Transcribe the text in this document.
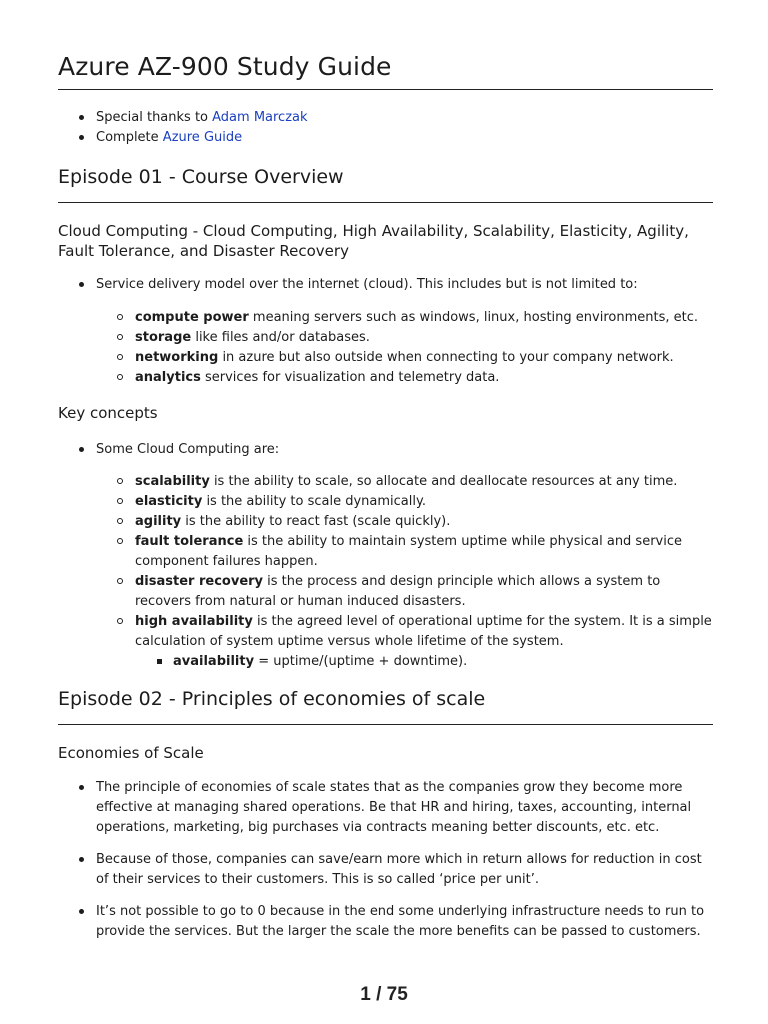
Azure AZ-900 Study Guide
Special thanks to Adam Marczak
Complete Azure Guide
Episode 01 - Course Overview
Cloud Computing - Cloud Computing, High Availability, Scalability, Elasticity, Agility, Fault Tolerance, and Disaster Recovery
Service delivery model over the internet (cloud). This includes but is not limited to:
compute power meaning servers such as windows, linux, hosting environments, etc.
storage like files and/or databases.
networking in azure but also outside when connecting to your company network.
analytics services for visualization and telemetry data.
Key concepts
Some Cloud Computing are:
scalability is the ability to scale, so allocate and deallocate resources at any time.
elasticity is the ability to scale dynamically.
agility is the ability to react fast (scale quickly).
fault tolerance is the ability to maintain system uptime while physical and service component failures happen.
disaster recovery is the process and design principle which allows a system to recovers from natural or human induced disasters.
high availability is the agreed level of operational uptime for the system. It is a simple calculation of system uptime versus whole lifetime of the system.
availability = uptime/(uptime + downtime).
Episode 02 - Principles of economies of scale
Economies of Scale
The principle of economies of scale states that as the companies grow they become more effective at managing shared operations. Be that HR and hiring, taxes, accounting, internal operations, marketing, big purchases via contracts meaning better discounts, etc. etc.
Because of those, companies can save/earn more which in return allows for reduction in cost of their services to their customers. This is so called ‘price per unit’.
It’s not possible to go to 0 because in the end some underlying infrastructure needs to run to provide the services. But the larger the scale the more benefits can be passed to customers.
1 / 75
